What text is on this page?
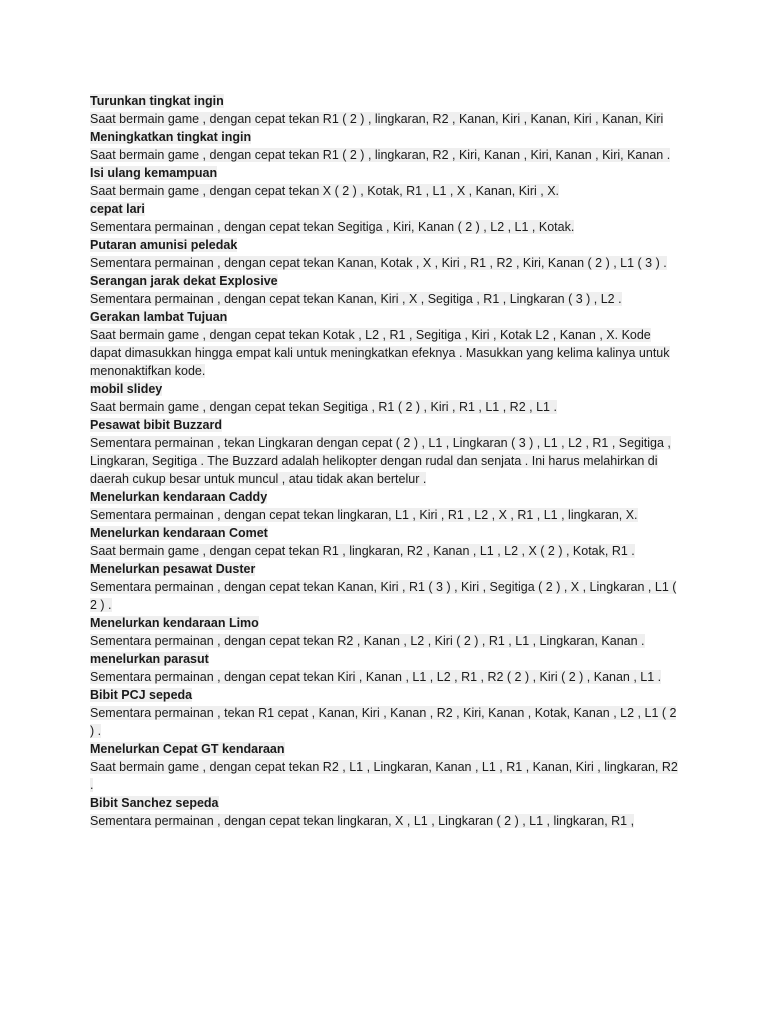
Turunkan tingkat ingin
Saat bermain game , dengan cepat tekan R1 ( 2 ) , lingkaran, R2 , Kanan, Kiri , Kanan, Kiri , Kanan, Kiri
Meningkatkan tingkat ingin
Saat bermain game , dengan cepat tekan R1 ( 2 ) , lingkaran, R2 , Kiri, Kanan , Kiri, Kanan , Kiri, Kanan .
Isi ulang kemampuan
Saat bermain game , dengan cepat tekan X ( 2 ) , Kotak, R1 , L1 , X , Kanan, Kiri , X.
cepat lari
Sementara permainan , dengan cepat tekan Segitiga , Kiri, Kanan ( 2 ) , L2 , L1 , Kotak.
Putaran amunisi peledak
Sementara permainan , dengan cepat tekan Kanan, Kotak , X , Kiri , R1 , R2 , Kiri, Kanan ( 2 ) , L1 ( 3 ) .
Serangan jarak dekat Explosive
Sementara permainan , dengan cepat tekan Kanan, Kiri , X , Segitiga , R1 , Lingkaran ( 3 ) , L2 .
Gerakan lambat Tujuan
Saat bermain game , dengan cepat tekan Kotak , L2 , R1 , Segitiga , Kiri , Kotak L2 , Kanan , X. Kode dapat dimasukkan hingga empat kali untuk meningkatkan efeknya . Masukkan yang kelima kalinya untuk menonaktifkan kode.
mobil slidey
Saat bermain game , dengan cepat tekan Segitiga , R1 ( 2 ) , Kiri , R1 , L1 , R2 , L1 .
Pesawat bibit Buzzard
Sementara permainan , tekan Lingkaran dengan cepat ( 2 ) , L1 , Lingkaran ( 3 ) , L1 , L2 , R1 , Segitiga , Lingkaran, Segitiga . The Buzzard adalah helikopter dengan rudal dan senjata . Ini harus melahirkan di daerah cukup besar untuk muncul , atau tidak akan bertelur .
Menelurkan kendaraan Caddy
Sementara permainan , dengan cepat tekan lingkaran, L1 , Kiri , R1 , L2 , X , R1 , L1 , lingkaran, X.
Menelurkan kendaraan Comet
Saat bermain game , dengan cepat tekan R1 , lingkaran, R2 , Kanan , L1 , L2 , X ( 2 ) , Kotak, R1 .
Menelurkan pesawat Duster
Sementara permainan , dengan cepat tekan Kanan, Kiri , R1 ( 3 ) , Kiri , Segitiga ( 2 ) , X , Lingkaran , L1 ( 2 ) .
Menelurkan kendaraan Limo
Sementara permainan , dengan cepat tekan R2 , Kanan , L2 , Kiri ( 2 ) , R1 , L1 , Lingkaran, Kanan .
menelurkan parasut
Sementara permainan , dengan cepat tekan Kiri , Kanan , L1 , L2 , R1 , R2 ( 2 ) , Kiri ( 2 ) , Kanan , L1 .
Bibit PCJ sepeda
Sementara permainan , tekan R1 cepat , Kanan, Kiri , Kanan , R2 , Kiri, Kanan , Kotak, Kanan , L2 , L1 ( 2 ) .
Menelurkan Cepat GT kendaraan
Saat bermain game , dengan cepat tekan R2 , L1 , Lingkaran, Kanan , L1 , R1 , Kanan, Kiri , lingkaran, R2 .
Bibit Sanchez sepeda
Sementara permainan , dengan cepat tekan lingkaran, X , L1 , Lingkaran ( 2 ) , L1 , lingkaran, R1 ,
